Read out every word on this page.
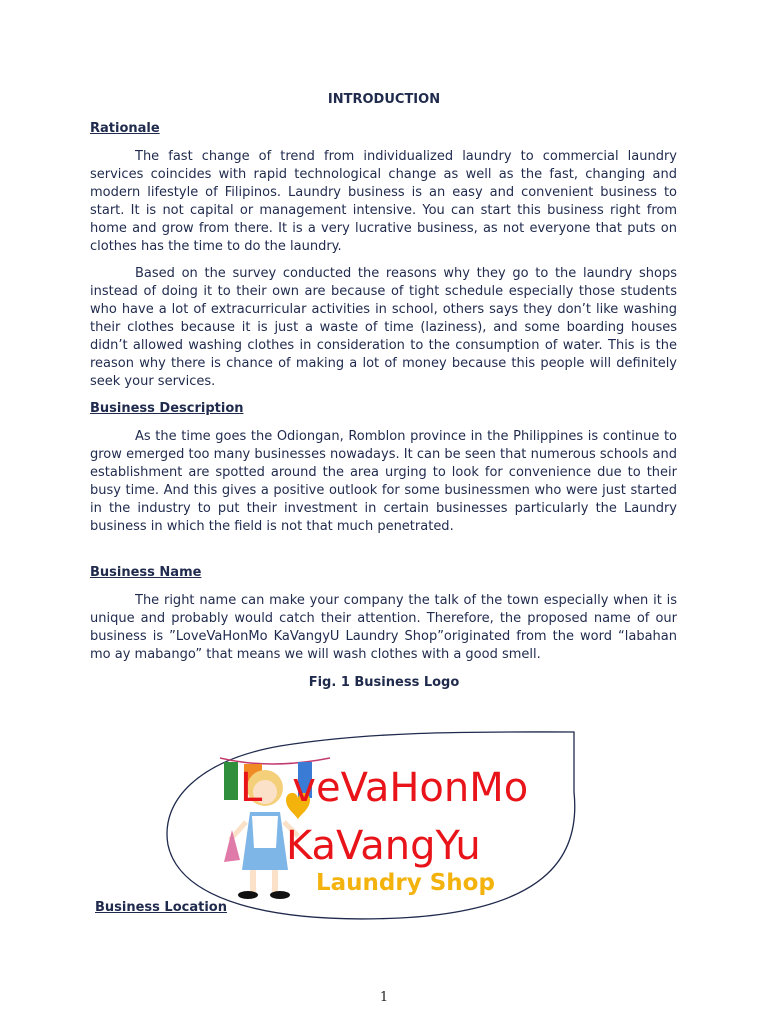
INTRODUCTION
Rationale
The fast change of trend from individualized laundry to commercial laundry services coincides with rapid technological change as well as the fast, changing and modern lifestyle of Filipinos. Laundry business is an easy and convenient business to start. It is not capital or management intensive. You can start this business right from home and grow from there. It is a very lucrative business, as not everyone that puts on clothes has the time to do the laundry.
Based on the survey conducted the reasons why they go to the laundry shops instead of doing it to their own are because of tight schedule especially those students who have a lot of extracurricular activities in school, others says they don’t like washing their clothes because it is just a waste of time (laziness), and some boarding houses didn’t allowed washing clothes in consideration to the consumption of water. This is the reason why there is chance of making a lot of money because this people will definitely seek your services.
Business Description
As the time goes the Odiongan, Romblon province in the Philippines is continue to grow emerged too many businesses nowadays. It can be seen that numerous schools and establishment are spotted around the area urging to look for convenience due to their busy time. And this gives a positive outlook for some businessmen who were just started in the industry to put their investment in certain businesses particularly the Laundry business in which the field is not that much penetrated.
Business Name
The right name can make your company the talk of the town especially when it is unique and probably would catch their attention. Therefore, the proposed name of our business is ”LoveVaHonMo KaVangyU Laundry Shop”originated from the word “labahan mo ay mabango” that means we will wash clothes with a good smell.
Fig. 1 Business Logo
L veVaHonMo
KaVangYu
Laundry Shop
Business Location
1
